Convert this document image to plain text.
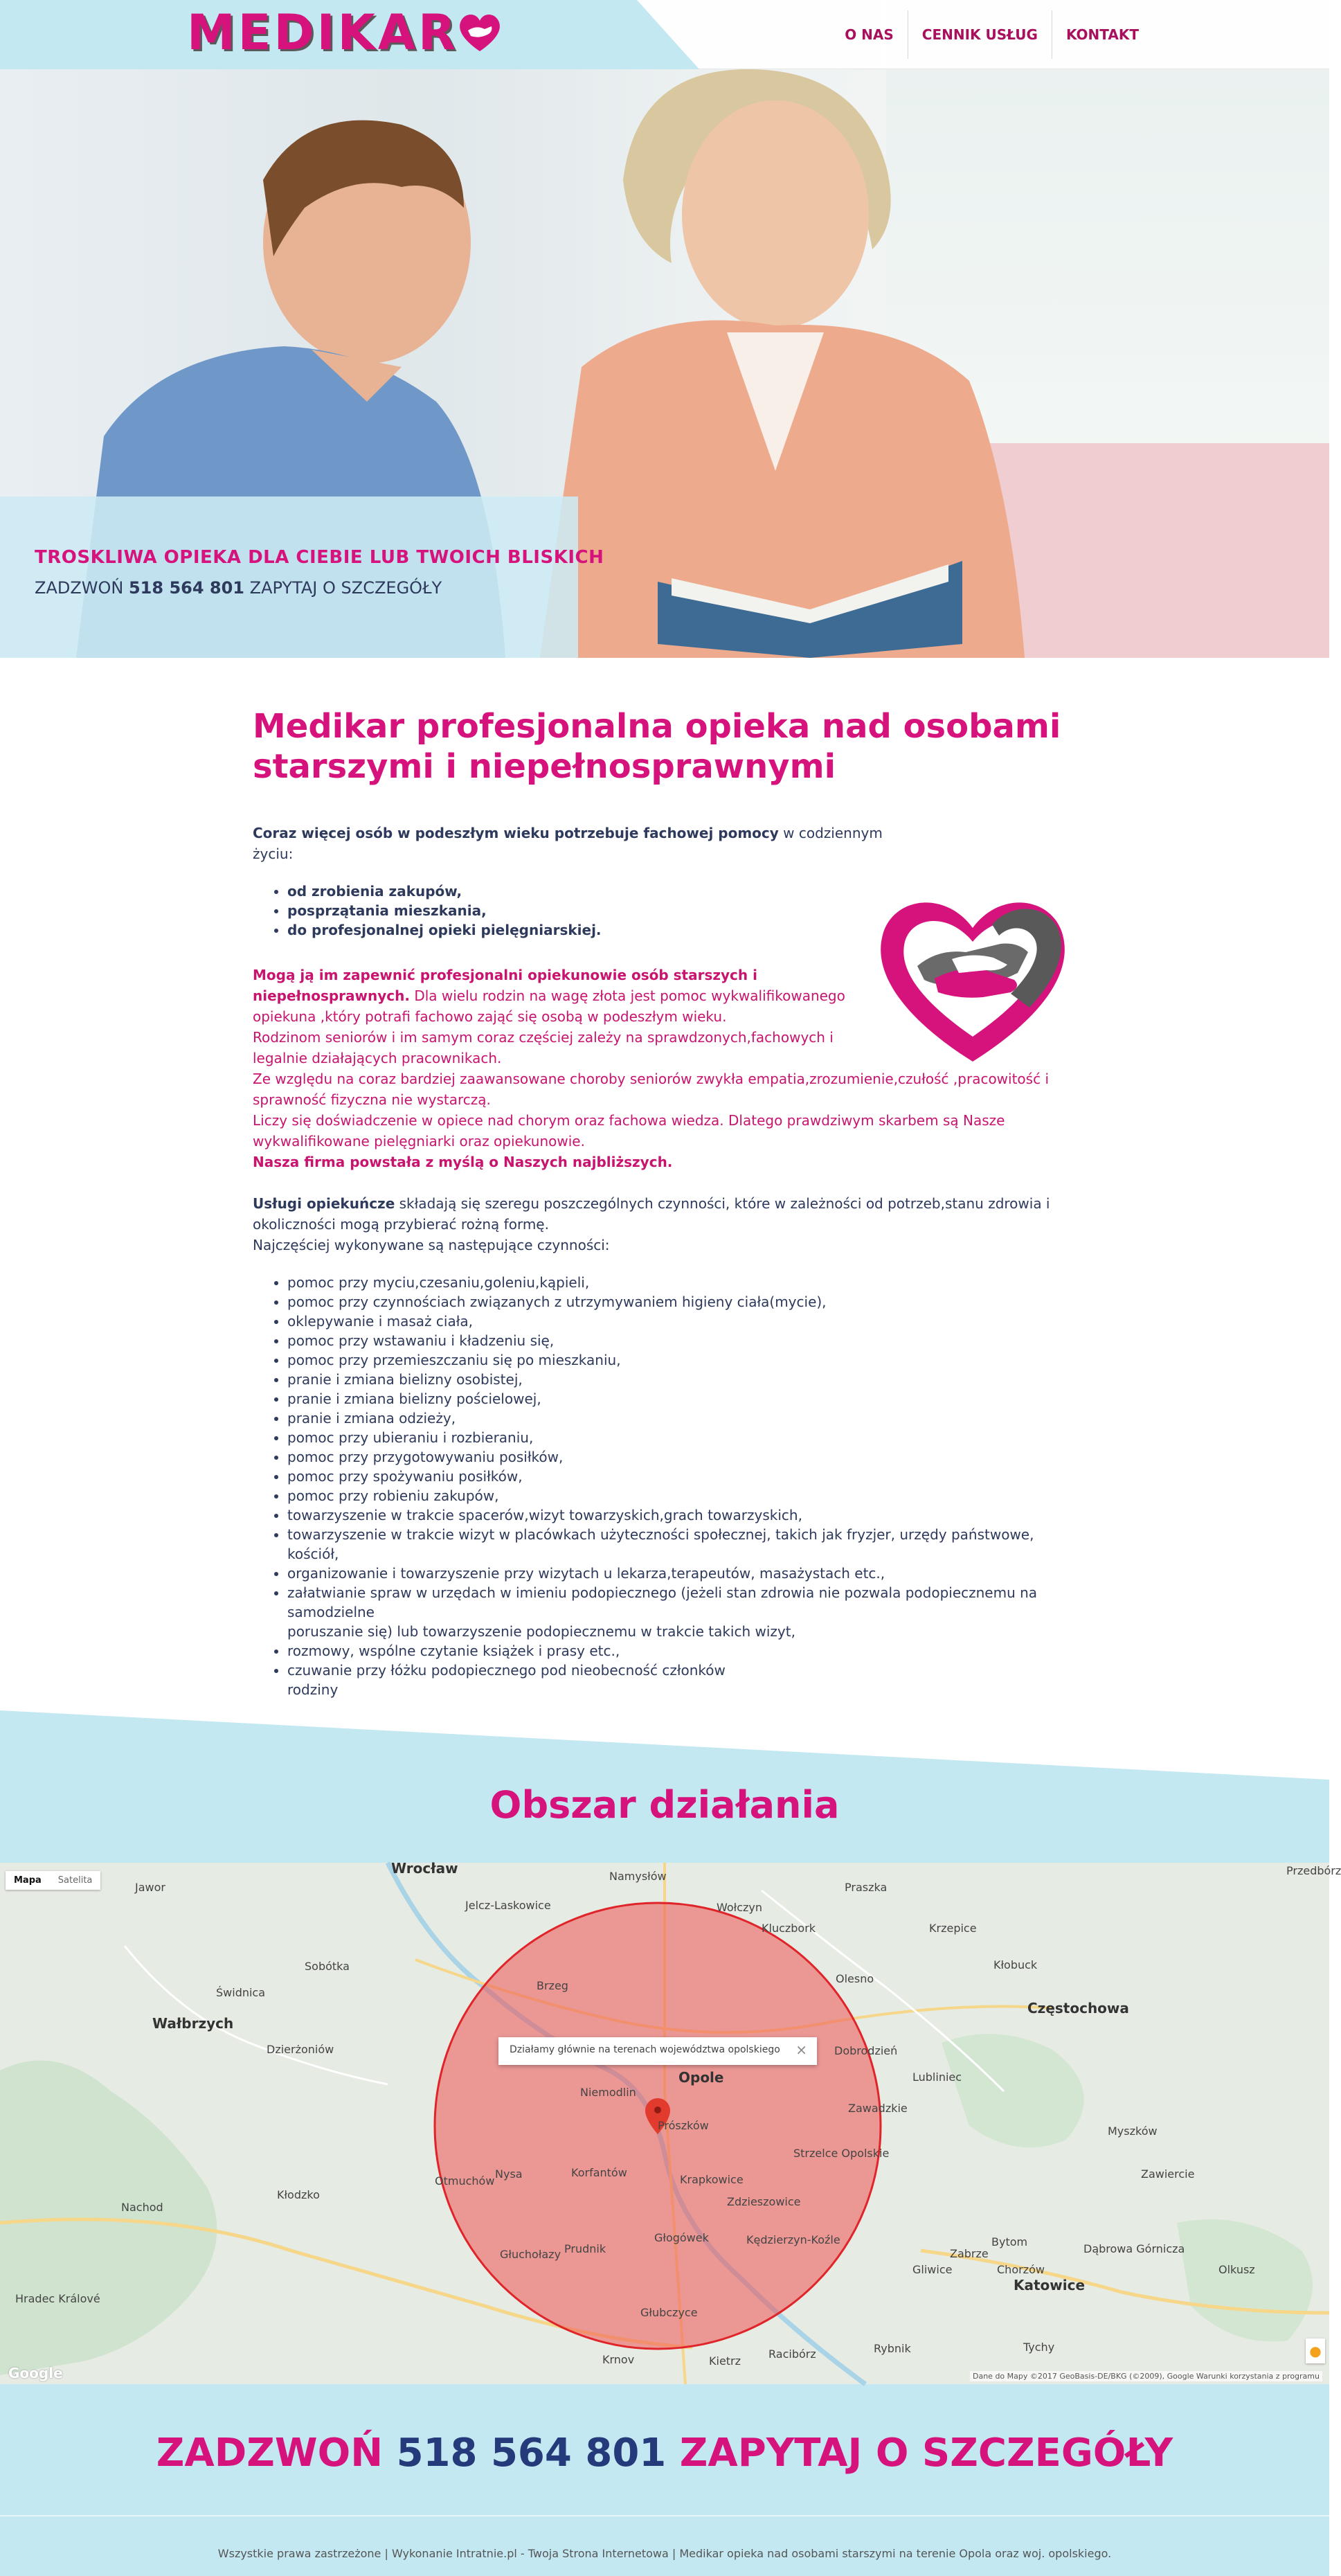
TROSKLIWA OPIEKA DLA CIEBIE LUB TWOICH BLISKICH
ZADZWOŃ 518 564 801 ZAPYTAJ O SZCZEGÓŁY
MEDIKAR	O NAS	CENNIK USŁUG	KONTAKT
Medikar profesjonalna opieka nad osobami starszymi i niepełnosprawnymi

Coraz więcej osób w podeszłym wieku potrzebuje fachowej pomocy w codziennym
życiu:

• od zrobienia zakupów,
• posprzątania mieszkania,
• do profesjonalnej opieki pielęgniarskiej.

Mogą ją im zapewnić profesjonalni opiekunowie osób starszych i
niepełnosprawnych. Dla wielu rodzin na wagę złota jest pomoc wykwalifikowanego
opiekuna ,który potrafi fachowo zająć się osobą w podeszłym wieku.
Rodzinom seniorów i im samym coraz częściej zależy na sprawdzonych,fachowych i
legalnie działających pracownikach.
Ze względu na coraz bardziej zaawansowane choroby seniorów zwykła empatia,zrozumienie,czułość ,pracowitość i
sprawność fizyczna nie wystarczą.
Liczy się doświadczenie w opiece nad chorym oraz fachowa wiedza. Dlatego prawdziwym skarbem są Nasze
wykwalifikowane pielęgniarki oraz opiekunowie.
Nasza firma powstała z myślą o Naszych najbliższych.

Usługi opiekuńcze składają się szeregu poszczególnych czynności, które w zależności od potrzeb,stanu zdrowia i
okoliczności mogą przybierać rożną formę.
Najczęściej wykonywane są następujące czynności:

• pomoc przy myciu,czesaniu,goleniu,kąpieli,
• pomoc przy czynnościach związanych z utrzymywaniem higieny ciała(mycie),
• oklepywanie i masaż ciała,
• pomoc przy wstawaniu i kładzeniu się,
• pomoc przy przemieszczaniu się po mieszkaniu,
• pranie i zmiana bielizny osobistej,
• pranie i zmiana bielizny pościelowej,
• pranie i zmiana odzieży,
• pomoc przy ubieraniu i rozbieraniu,
• pomoc przy przygotowywaniu posiłków,
• pomoc przy spożywaniu posiłków,
• pomoc przy robieniu zakupów,
• towarzyszenie w trakcie spacerów,wizyt towarzyskich,grach towarzyskich,
• towarzyszenie w trakcie wizyt w placówkach użyteczności społecznej, takich jak fryzjer, urzędy państwowe, kościół,
• organizowanie i towarzyszenie przy wizytach u lekarza,terapeutów, masażystach etc.,
• załatwianie spraw w urzędach w imieniu podopiecznego (jeżeli stan zdrowia nie pozwala podopiecznemu na samodzielne
poruszanie się) lub towarzyszenie podopiecznemu w trakcie takich wizyt,
• rozmowy, wspólne czytanie książek i prasy etc.,
• czuwanie przy łóżku podopiecznego pod nieobecność członków
rodziny
Obszar działania
Mapa	Satelita
Wrocław
Jawor
Namysłów
Praszka
Przedbórz
Jelcz-Laskowice	Wołczyn
Kluczbork	Krzepice
Brzeg
Olesno
Kłobuck
Częstochowa
Świdnica
Sobótka
Wałbrzych
Dzierżoniów
Opole
Dobrodzień
Lubliniec
Niemodlin
Prószków
Zawadzkie
Myszków
Nysa
Otmuchów
Korfantów
Krapkowice
Strzelce Opolskie
Kłodzko
Nachod	Zdzieszowice
Prudnik
Głogówek	Kędzierzyn-Koźle	Bytom
Zabrze
Gliwice	Chorzów
Katowice
Głuchołazy
Hradec Králové
Głubczyce
Racibórz	Rybnik	Tychy
Kietrz
Krnov
Zawiercie
Olkusz
Dąbrowa Górnicza
Google	Dane do Mapy ©2017 GeoBasis-DE/BKG (©2009), Google Warunki korzystania z programu
●
Działamy głównie na terenach województwa opolskiego ×
ZADZWOŃ 518 564 801 ZAPYTAJ O SZCZEGÓŁY
Wszystkie prawa zastrzeżone | Wykonanie Intratnie.pl - Twoja Strona Internetowa | Medikar opieka nad osobami starszymi na terenie Opola oraz woj. opolskiego.
